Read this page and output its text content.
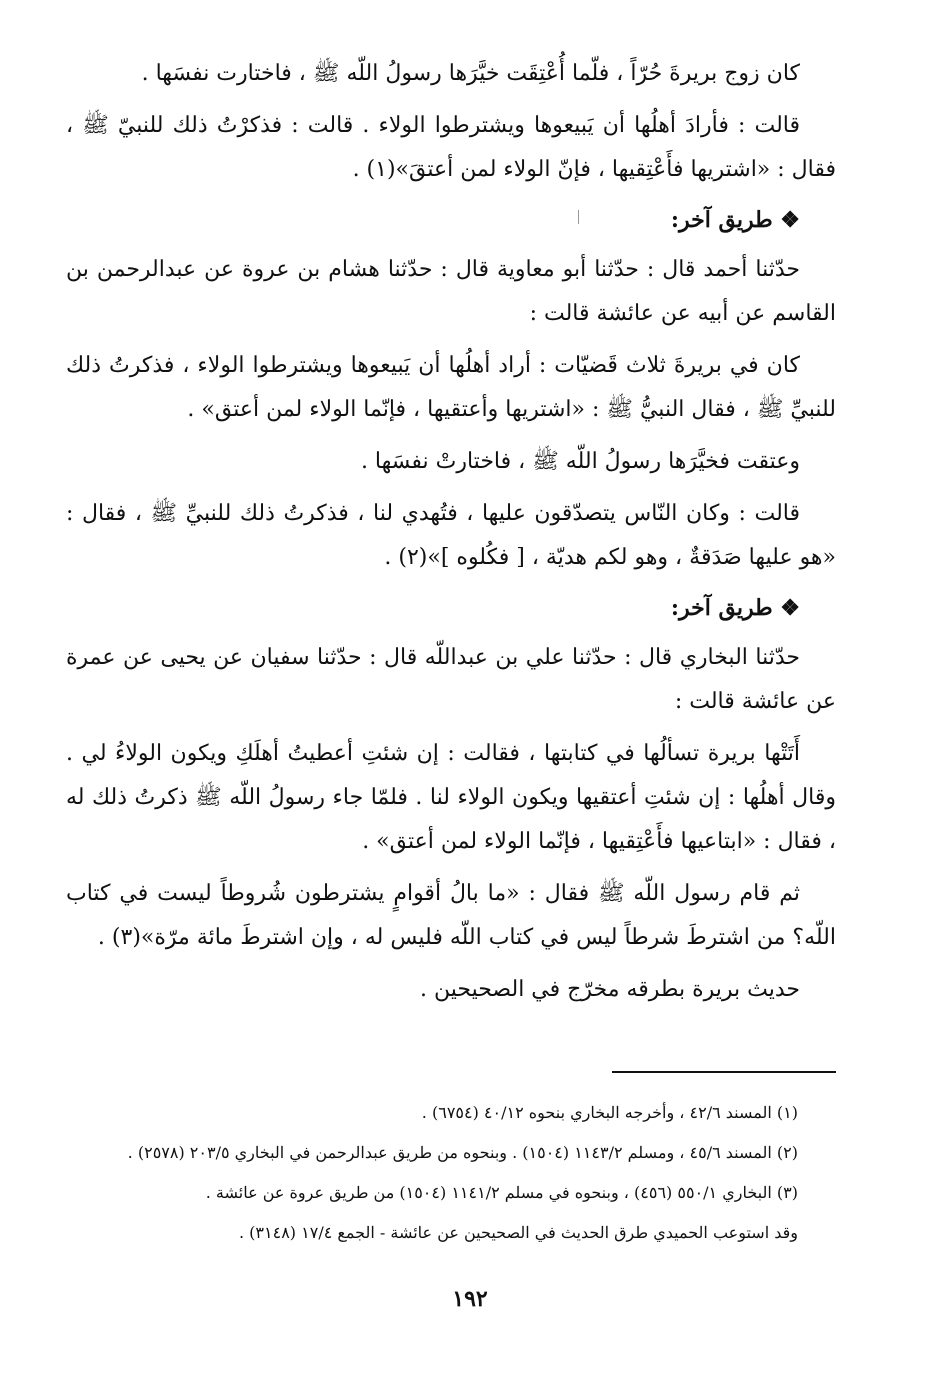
كان زوج بريرةَ حُرّاً ، فلّما أُعْتِقَت خيَّرَها رسولُ اللّه ﷺ ، فاختارت نفسَها .

قالت : فأرادَ أهلُها أن يَبيعوها ويشترطوا الولاء . قالت : فذكرْتُ ذلك للنبيّ ﷺ ، فقال : «اشتريها فأَعْتِقيها ، فإنّ الولاء لمن أعتقَ»(١) .

❖ طريق آخر:

حدّثنا أحمد قال : حدّثنا أبو معاوية قال : حدّثنا هشام بن عروة عن عبدالرحمن بن القاسم عن أبيه عن عائشة قالت :

كان في بريرةَ ثلاث قَضيّات : أراد أهلُها أن يَبيعوها ويشترطوا الولاء ، فذكرتُ ذلك للنبيِّ ﷺ ، فقال النبيُّ ﷺ : «اشتريها وأعتقيها ، فإنّما الولاء لمن أعتق» .

وعتقت فخيَّرَها رسولُ اللّه ﷺ ، فاختارتْ نفسَها .

قالت : وكان النّاس يتصدّقون عليها ، فتُهدي لنا ، فذكرتُ ذلك للنبيِّ ﷺ ، فقال : «هو عليها صَدَقةٌ ، وهو لكم هديّة ، [ فكُلوه ]»(٢) .

❖ طريق آخر:

حدّثنا البخاري قال : حدّثنا علي بن عبداللّه قال : حدّثنا سفيان عن يحيى عن عمرة عن عائشة قالت :

أَتَتْها بريرة تسألُها في كتابتها ، فقالت : إن شئتِ أعطيتُ أهلَكِ ويكون الولاءُ لي . وقال أهلُها : إن شئتِ أعتقيها ويكون الولاء لنا . فلمّا جاء رسولُ اللّه ﷺ ذكرتُ ذلك له ، فقال : «ابتاعيها فأَعْتِقيها ، فإنّما الولاء لمن أعتق» .

ثم قام رسول اللّه ﷺ فقال : «ما بالُ أقوامٍ يشترطون شُروطاً ليست في كتاب اللّه؟ من اشترطَ شرطاً ليس في كتاب اللّه فليس له ، وإن اشترطَ مائة مرّة»(٣) .

حديث بريرة بطرقه مخرّج في الصحيحين .

(١) المسند ٤٢/٦ ، وأخرجه البخاري بنحوه ٤٠/١٢ (٦٧٥٤) .

(٢) المسند ٤٥/٦ ، ومسلم ١١٤٣/٢ (١٥٠٤) . وبنحوه من طريق عبدالرحمن في البخاري ٢٠٣/٥ (٢٥٧٨) .

(٣) البخاري ٥٥٠/١ (٤٥٦) ، وبنحوه في مسلم ١١٤١/٢ (١٥٠٤) من طريق عروة عن عائشة .

وقد استوعب الحميدي طرق الحديث في الصحيحين عن عائشة - الجمع ١٧/٤ (٣١٤٨) .

١٩٢
